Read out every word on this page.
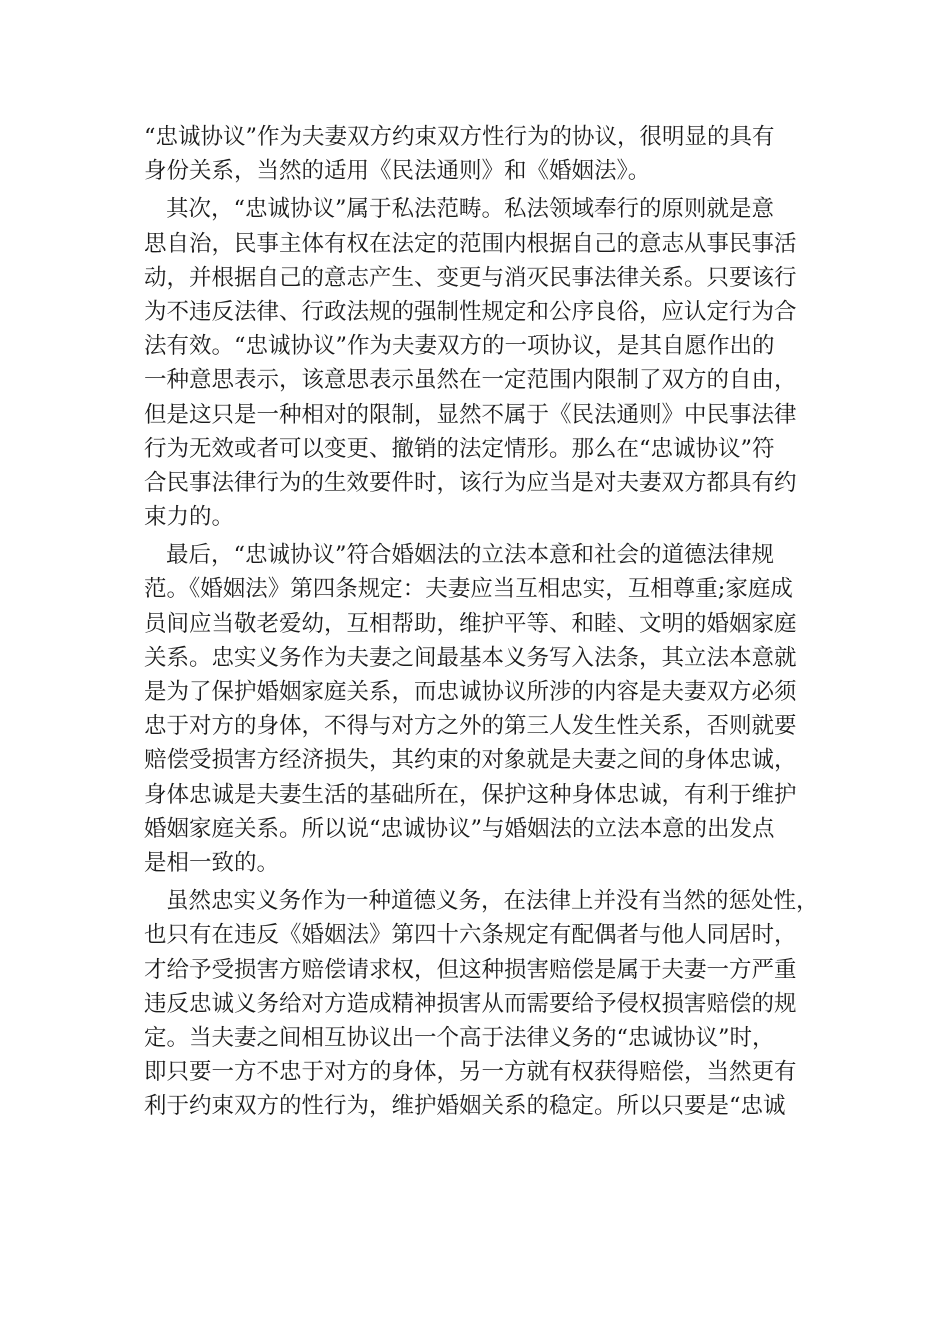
“忠诚协议”作为夫妻双方约束双方性行为的协议，很明显的具有
身份关系，当然的适用《民法通则》和《婚姻法》。
其次，“忠诚协议”属于私法范畴。私法领域奉行的原则就是意
思自治，民事主体有权在法定的范围内根据自己的意志从事民事活
动，并根据自己的意志产生、变更与消灭民事法律关系。只要该行
为不违反法律、行政法规的强制性规定和公序良俗，应认定行为合
法有效。“忠诚协议”作为夫妻双方的一项协议，是其自愿作出的
一种意思表示，该意思表示虽然在一定范围内限制了双方的自由，
但是这只是一种相对的限制，显然不属于《民法通则》中民事法律
行为无效或者可以变更、撤销的法定情形。那么在“忠诚协议”符
合民事法律行为的生效要件时，该行为应当是对夫妻双方都具有约
束力的。
最后，“忠诚协议”符合婚姻法的立法本意和社会的道德法律规
范。《婚姻法》第四条规定：夫妻应当互相忠实，互相尊重;家庭成
员间应当敬老爱幼，互相帮助，维护平等、和睦、文明的婚姻家庭
关系。忠实义务作为夫妻之间最基本义务写入法条，其立法本意就
是为了保护婚姻家庭关系，而忠诚协议所涉的内容是夫妻双方必须
忠于对方的身体，不得与对方之外的第三人发生性关系，否则就要
赔偿受损害方经济损失，其约束的对象就是夫妻之间的身体忠诚，
身体忠诚是夫妻生活的基础所在，保护这种身体忠诚，有利于维护
婚姻家庭关系。所以说“忠诚协议”与婚姻法的立法本意的出发点
是相一致的。
虽然忠实义务作为一种道德义务，在法律上并没有当然的惩处性，
也只有在违反《婚姻法》第四十六条规定有配偶者与他人同居时，
才给予受损害方赔偿请求权，但这种损害赔偿是属于夫妻一方严重
违反忠诚义务给对方造成精神损害从而需要给予侵权损害赔偿的规
定。当夫妻之间相互协议出一个高于法律义务的“忠诚协议”时，
即只要一方不忠于对方的身体，另一方就有权获得赔偿，当然更有
利于约束双方的性行为，维护婚姻关系的稳定。所以只要是“忠诚
